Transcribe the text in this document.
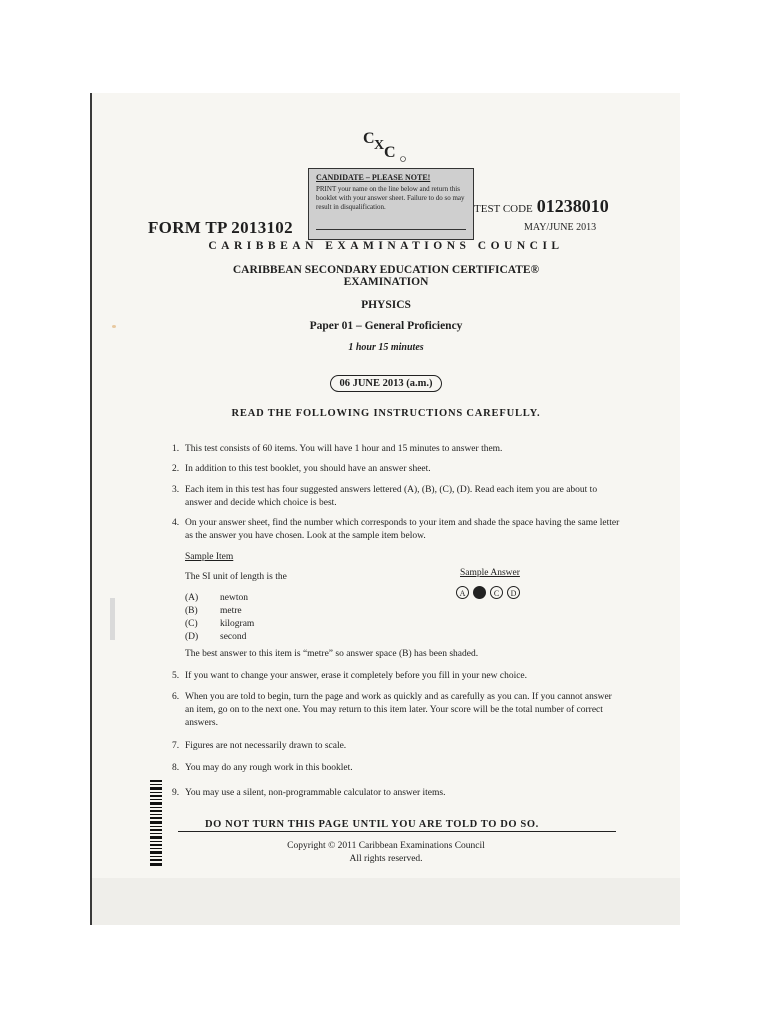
C X C
CANDIDATE – PLEASE NOTE!
PRINT your name on the line below and return this booklet with your answer sheet. Failure to do so may result in disqualification.
FORM TP 2013102
TEST CODE 01238010
MAY/JUNE 2013
CARIBBEAN EXAMINATIONS COUNCIL
CARIBBEAN SECONDARY EDUCATION CERTIFICATE®
EXAMINATION
PHYSICS
Paper 01 – General Proficiency
1 hour 15 minutes
06 JUNE 2013 (a.m.)
READ THE FOLLOWING INSTRUCTIONS CAREFULLY.
1. This test consists of 60 items. You will have 1 hour and 15 minutes to answer them.
2. In addition to this test booklet, you should have an answer sheet.
3. Each item in this test has four suggested answers lettered (A), (B), (C), (D). Read each item you are about to answer and decide which choice is best.
4. On your answer sheet, find the number which corresponds to your item and shade the space having the same letter as the answer you have chosen. Look at the sample item below.
Sample Item
The SI unit of length is the
(A) newton
(B) metre
(C) kilogram
(D) second
Sample Answer
A	B	C	D
The best answer to this item is “metre” so answer space (B) has been shaded.
5. If you want to change your answer, erase it completely before you fill in your new choice.
6. When you are told to begin, turn the page and work as quickly and as carefully as you can. If you cannot answer an item, go on to the next one. You may return to this item later. Your score will be the total number of correct answers.
7. Figures are not necessarily drawn to scale.
8. You may do any rough work in this booklet.
9. You may use a silent, non-programmable calculator to answer items.
DO NOT TURN THIS PAGE UNTIL YOU ARE TOLD TO DO SO.
Copyright © 2011 Caribbean Examinations Council
All rights reserved.
